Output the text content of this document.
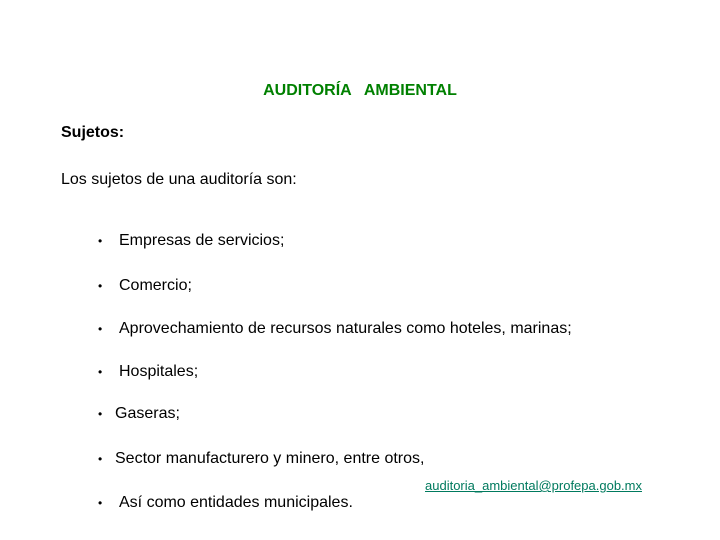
AUDITORÍA   AMBIENTAL
Sujetos:
Los sujetos de una auditoría son:
•	Empresas de servicios;
•	Comercio;
•	Aprovechamiento de recursos naturales como hoteles, marinas;
•	Hospitales;
• Gaseras;
• Sector manufacturero y minero, entre otros,
•	Así como entidades municipales.
auditoria_ambiental@profepa.gob.mx
